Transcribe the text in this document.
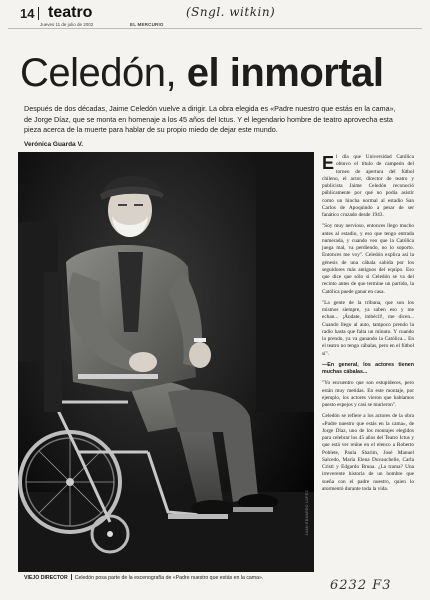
14 teatro
Jueves 11 de julio de 2002	EL MERCURIO
(Sngl. witkin)
Celedón, el inmortal
Después de dos décadas, Jaime Celedón vuelve a dirigir. La obra elegida es «Padre nuestro que estás en la cama», de Jorge Díaz, que se monta en homenaje a los 45 años del Ictus. Y el legendario hombre de teatro aprovecha esta pieza acerca de la muerte para hablar de su propio miedo de dejar este mundo.
Verónica Guarda V.
JUAN EDUARDO LOPEZ
VIEJO DIRECTOR Celedón posa parte de la escenografía de «Padre nuestro que estás en la cama».

El día que Universidad Católica obtuvo el título de campeón del torneo de apertura del fútbol chileno, el actor, director de teatro y publicista Jaime Celedón reconoció públicamente por qué no podía asistir como un hincha normal al estadio San Carlos de Apoquindo a pesar de ser fanático cruzado desde 1943.

"Soy muy nervioso, entonces llego mucho antes al estadio, y eso que tengo entrada numerada, y cuando veo que la Católica juega mal, va perdiendo, no lo soporto. Entonces me voy". Celedón explica así la génesis de una cábala sabida por los seguidores más antiguos del equipo. Eso que dice que sólo si Celedón se va del recinto antes de que termine un partido, la Católica puede ganar en casa.

"La gente de la tribuna, que son los mismos siempre, ya saben eso y me echan... ¡Ándate, imbécil!, me dicen... Cuando llego al auto, tampoco prendo la radio hasta que falta un minuto. Y cuando la prendo, ya va ganando la Católica... En el teatro no tengo cábalas, pero en el fútbol sí".

—En general, los actores tienen muchas cábalas...

"Yo encuentro que son estupideces, pero están muy metidas. En este montaje, por ejemplo, los actores vieron que habíamos puesto espejos y casi se murieron".

Celedón se refiere a los actores de la obra «Padre nuestro que estás en la cama», de Jorge Díaz, uno de los montajes elegidos para celebrar los 45 años del Teatro Ictus y que está ver reúne en el elenco a Roberto Poblete, Paula Sharim, José Manuel Salcedo, María Elena Duvauchelle, Carla Cristi y Edgardo Bruna. ¿La trama? Una irreverente historia de un hombre que sueña con el padre nuestro, quien lo atormentó durante toda la vida.

6232 F3
